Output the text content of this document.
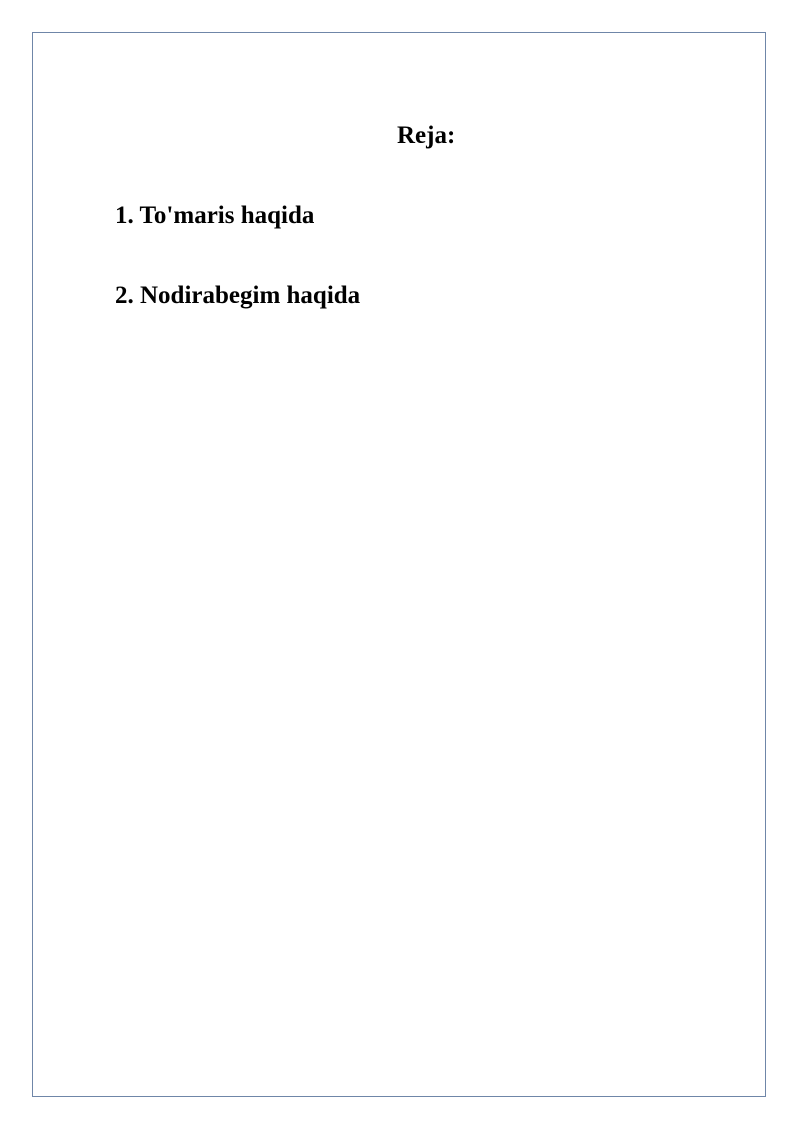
Reja:
1. To'maris haqida
2. Nodirabegim haqida
